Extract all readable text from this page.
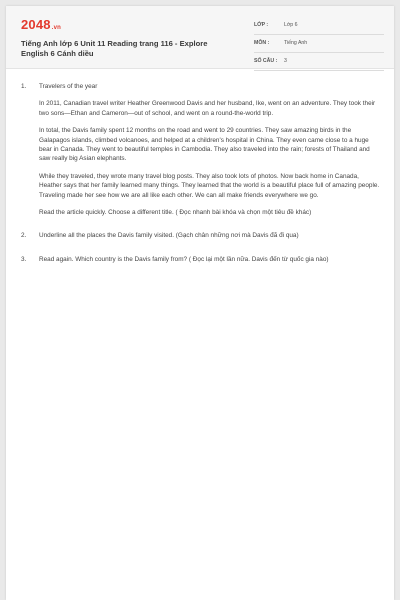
2048.vn
Tiếng Anh lớp 6 Unit 11 Reading trang 116 - Explore English 6 Cánh diều
LỚP :	Lớp 6
MÔN :	Tiếng Anh
SỐ CÂU : 3
1. Travelers of the year

In 2011, Canadian travel writer Heather Greenwood Davis and her husband, Ike, went on an adventure. They took their two sons—Ethan and Cameron—out of school, and went on a round-the-world trip.

In total, the Davis family spent 12 months on the road and went to 29 countries. They saw amazing birds in the Galapagos islands, climbed volcanoes, and helped at a children's hospital in China. They even came close to a huge bear in Canada. They went to beautiful temples in Cambodia. They also traveled into the rain; forests of Thailand and saw really big Asian elephants.

While they traveled, they wrote many travel blog posts. They also took lots of photos. Now back home in Canada, Heather says that her family learned many things. They learned that the world is a beautiful place full of amazing people. Traveling made her see how we are all like each other. We can all make friends everywhere we go.

Read the article quickly. Choose a different title. ( Đọc nhanh bài khóa và chọn một tiêu đề khác)

2. Underline all the places the Davis family visited. (Gạch chân những nơi mà Davis đã đi qua)
3. Read again. Which country is the Davis family from? ( Đọc lại một lần nữa. Davis đến từ quốc gia nào)
